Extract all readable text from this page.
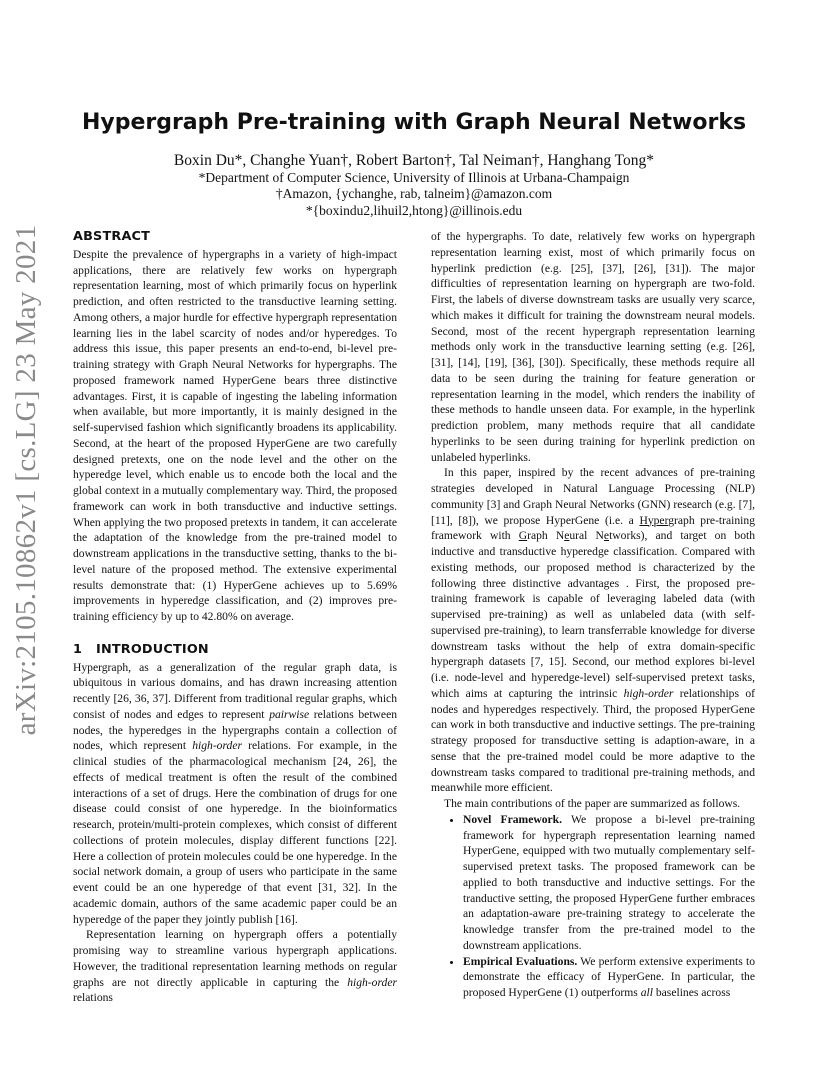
arXiv:2105.10862v1 [cs.LG] 23 May 2021
Hypergraph Pre-training with Graph Neural Networks
Boxin Du*, Changhe Yuan†, Robert Barton†, Tal Neiman†, Hanghang Tong*
*Department of Computer Science, University of Illinois at Urbana-Champaign
†Amazon, {ychanghe, rab, talneim}@amazon.com
*{boxindu2,lihuil2,htong}@illinois.edu
ABSTRACT

Despite the prevalence of hypergraphs in a variety of high-impact applications, there are relatively few works on hypergraph representation learning, most of which primarily focus on hyperlink prediction, and often restricted to the transductive learning setting. Among others, a major hurdle for effective hypergraph representation learning lies in the label scarcity of nodes and/or hyperedges. To address this issue, this paper presents an end-to-end, bi-level pre-training strategy with Graph Neural Networks for hypergraphs. The proposed framework named HyperGene bears three distinctive advantages. First, it is capable of ingesting the labeling information when available, but more importantly, it is mainly designed in the self-supervised fashion which significantly broadens its applicability. Second, at the heart of the proposed HyperGene are two carefully designed pretexts, one on the node level and the other on the hyperedge level, which enable us to encode both the local and the global context in a mutually complementary way. Third, the proposed framework can work in both transductive and inductive settings. When applying the two proposed pretexts in tandem, it can accelerate the adaptation of the knowledge from the pre-trained model to downstream applications in the transductive setting, thanks to the bi-level nature of the proposed method. The extensive experimental results demonstrate that: (1) HyperGene achieves up to 5.69% improvements in hyperedge classification, and (2) improves pre-training efficiency by up to 42.80% on average.

1 INTRODUCTION

Hypergraph, as a generalization of the regular graph data, is ubiquitous in various domains, and has drawn increasing attention recently [26, 36, 37]. Different from traditional regular graphs, which consist of nodes and edges to represent pairwise relations between nodes, the hyperedges in the hypergraphs contain a collection of nodes, which represent high-order relations. For example, in the clinical studies of the pharmacological mechanism [24, 26], the effects of medical treatment is often the result of the combined interactions of a set of drugs. Here the combination of drugs for one disease could consist of one hyperedge. In the bioinformatics research, protein/multi-protein complexes, which consist of different collections of protein molecules, display different functions [22]. Here a collection of protein molecules could be one hyperedge. In the social network domain, a group of users who participate in the same event could be an one hyperedge of that event [31, 32]. In the academic domain, authors of the same academic paper could be an hyperedge of the paper they jointly publish [16].

Representation learning on hypergraph offers a potentially promising way to streamline various hypergraph applications. However, the traditional representation learning methods on regular graphs are not directly applicable in capturing the high-order relations

of the hypergraphs. To date, relatively few works on hypergraph representation learning exist, most of which primarily focus on hyperlink prediction (e.g. [25], [37], [26], [31]). The major difficulties of representation learning on hypergraph are two-fold. First, the labels of diverse downstream tasks are usually very scarce, which makes it difficult for training the downstream neural models. Second, most of the recent hypergraph representation learning methods only work in the transductive learning setting (e.g. [26], [31], [14], [19], [36], [30]). Specifically, these methods require all data to be seen during the training for feature generation or representation learning in the model, which renders the inability of these methods to handle unseen data. For example, in the hyperlink prediction problem, many methods require that all candidate hyperlinks to be seen during training for hyperlink prediction on unlabeled hyperlinks.

In this paper, inspired by the recent advances of pre-training strategies developed in Natural Language Processing (NLP) community [3] and Graph Neural Networks (GNN) research (e.g. [7], [11], [8]), we propose HyperGene (i.e. a Hypergraph pre-training framework with Graph Neural Networks), and target on both inductive and transductive hyperedge classification. Compared with existing methods, our proposed method is characterized by the following three distinctive advantages . First, the proposed pre-training framework is capable of leveraging labeled data (with supervised pre-training) as well as unlabeled data (with self-supervised pre-training), to learn transferrable knowledge for diverse downstream tasks without the help of extra domain-specific hypergraph datasets [7, 15]. Second, our method explores bi-level (i.e. node-level and hyperedge-level) self-supervised pretext tasks, which aims at capturing the intrinsic high-order relationships of nodes and hyperedges respectively. Third, the proposed HyperGene can work in both transductive and inductive settings. The pre-training strategy proposed for transductive setting is adaption-aware, in a sense that the pre-trained model could be more adaptive to the downstream tasks compared to traditional pre-training methods, and meanwhile more efficient.

The main contributions of the paper are summarized as follows.

• Novel Framework. We propose a bi-level pre-training framework for hypergraph representation learning named HyperGene, equipped with two mutually complementary self-supervised pretext tasks. The proposed framework can be applied to both transductive and inductive settings. For the tranductive setting, the proposed HyperGene further embraces an adaptation-aware pre-training strategy to accelerate the knowledge transfer from the pre-trained model to the downstream applications.
• Empirical Evaluations. We perform extensive experiments to demonstrate the efficacy of HyperGene. In particular, the proposed HyperGene (1) outperforms all baselines across
